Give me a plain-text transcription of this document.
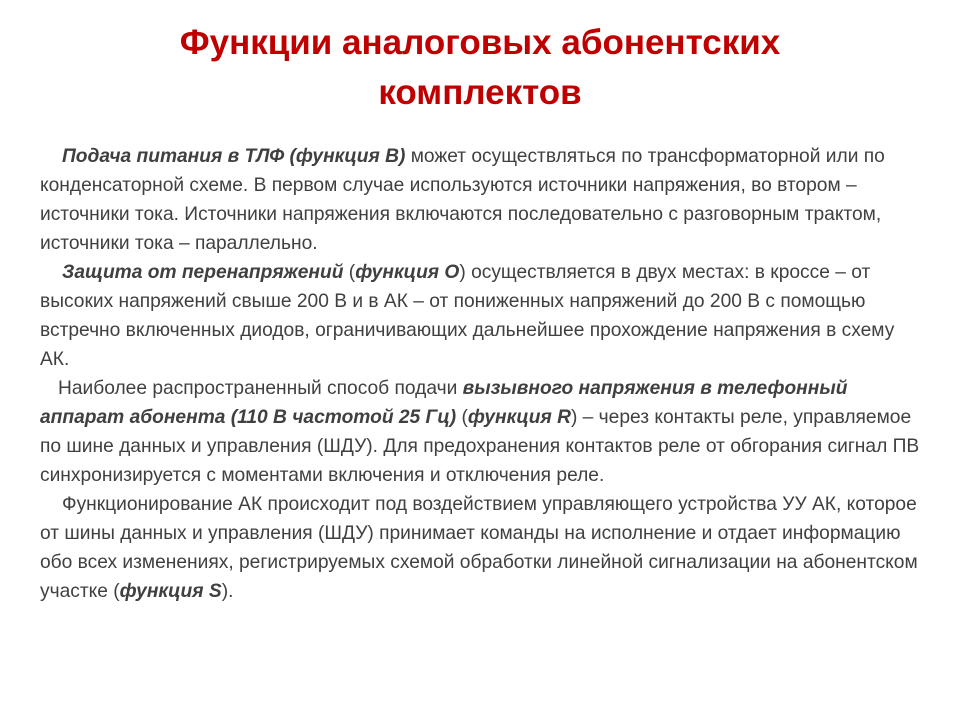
Функции аналоговых абонентских
комплектов

Подача питания в ТЛФ (функция В) может осуществляться по трансформаторной или по конденсаторной схеме. В первом случае используются источники напряжения, во втором – источники тока. Источники напряжения включаются последовательно с разговорным трактом, источники тока – параллельно.

Защита от перенапряжений (функция О) осуществляется в двух местах: в кроссе – от высоких напряжений свыше 200 В и в АК – от пониженных напряжений до 200 В с помощью встречно включенных диодов, ограничивающих дальнейшее прохождение напряжения в схему АК.

Наиболее распространенный способ подачи вызывного напряжения в телефонный аппарат абонента (110 В частотой 25 Гц) (функция R) – через контакты реле, управляемое по шине данных и управления (ШДУ). Для предохранения контактов реле от обгорания сигнал ПВ синхронизируется с моментами включения и отключения реле.

Функционирование АК происходит под воздействием управляющего устройства УУ АК, которое от шины данных и управления (ШДУ) принимает команды на исполнение и отдает информацию обо всех изменениях, регистрируемых схемой обработки линейной сигнализации на абонентском участке (функция S).
